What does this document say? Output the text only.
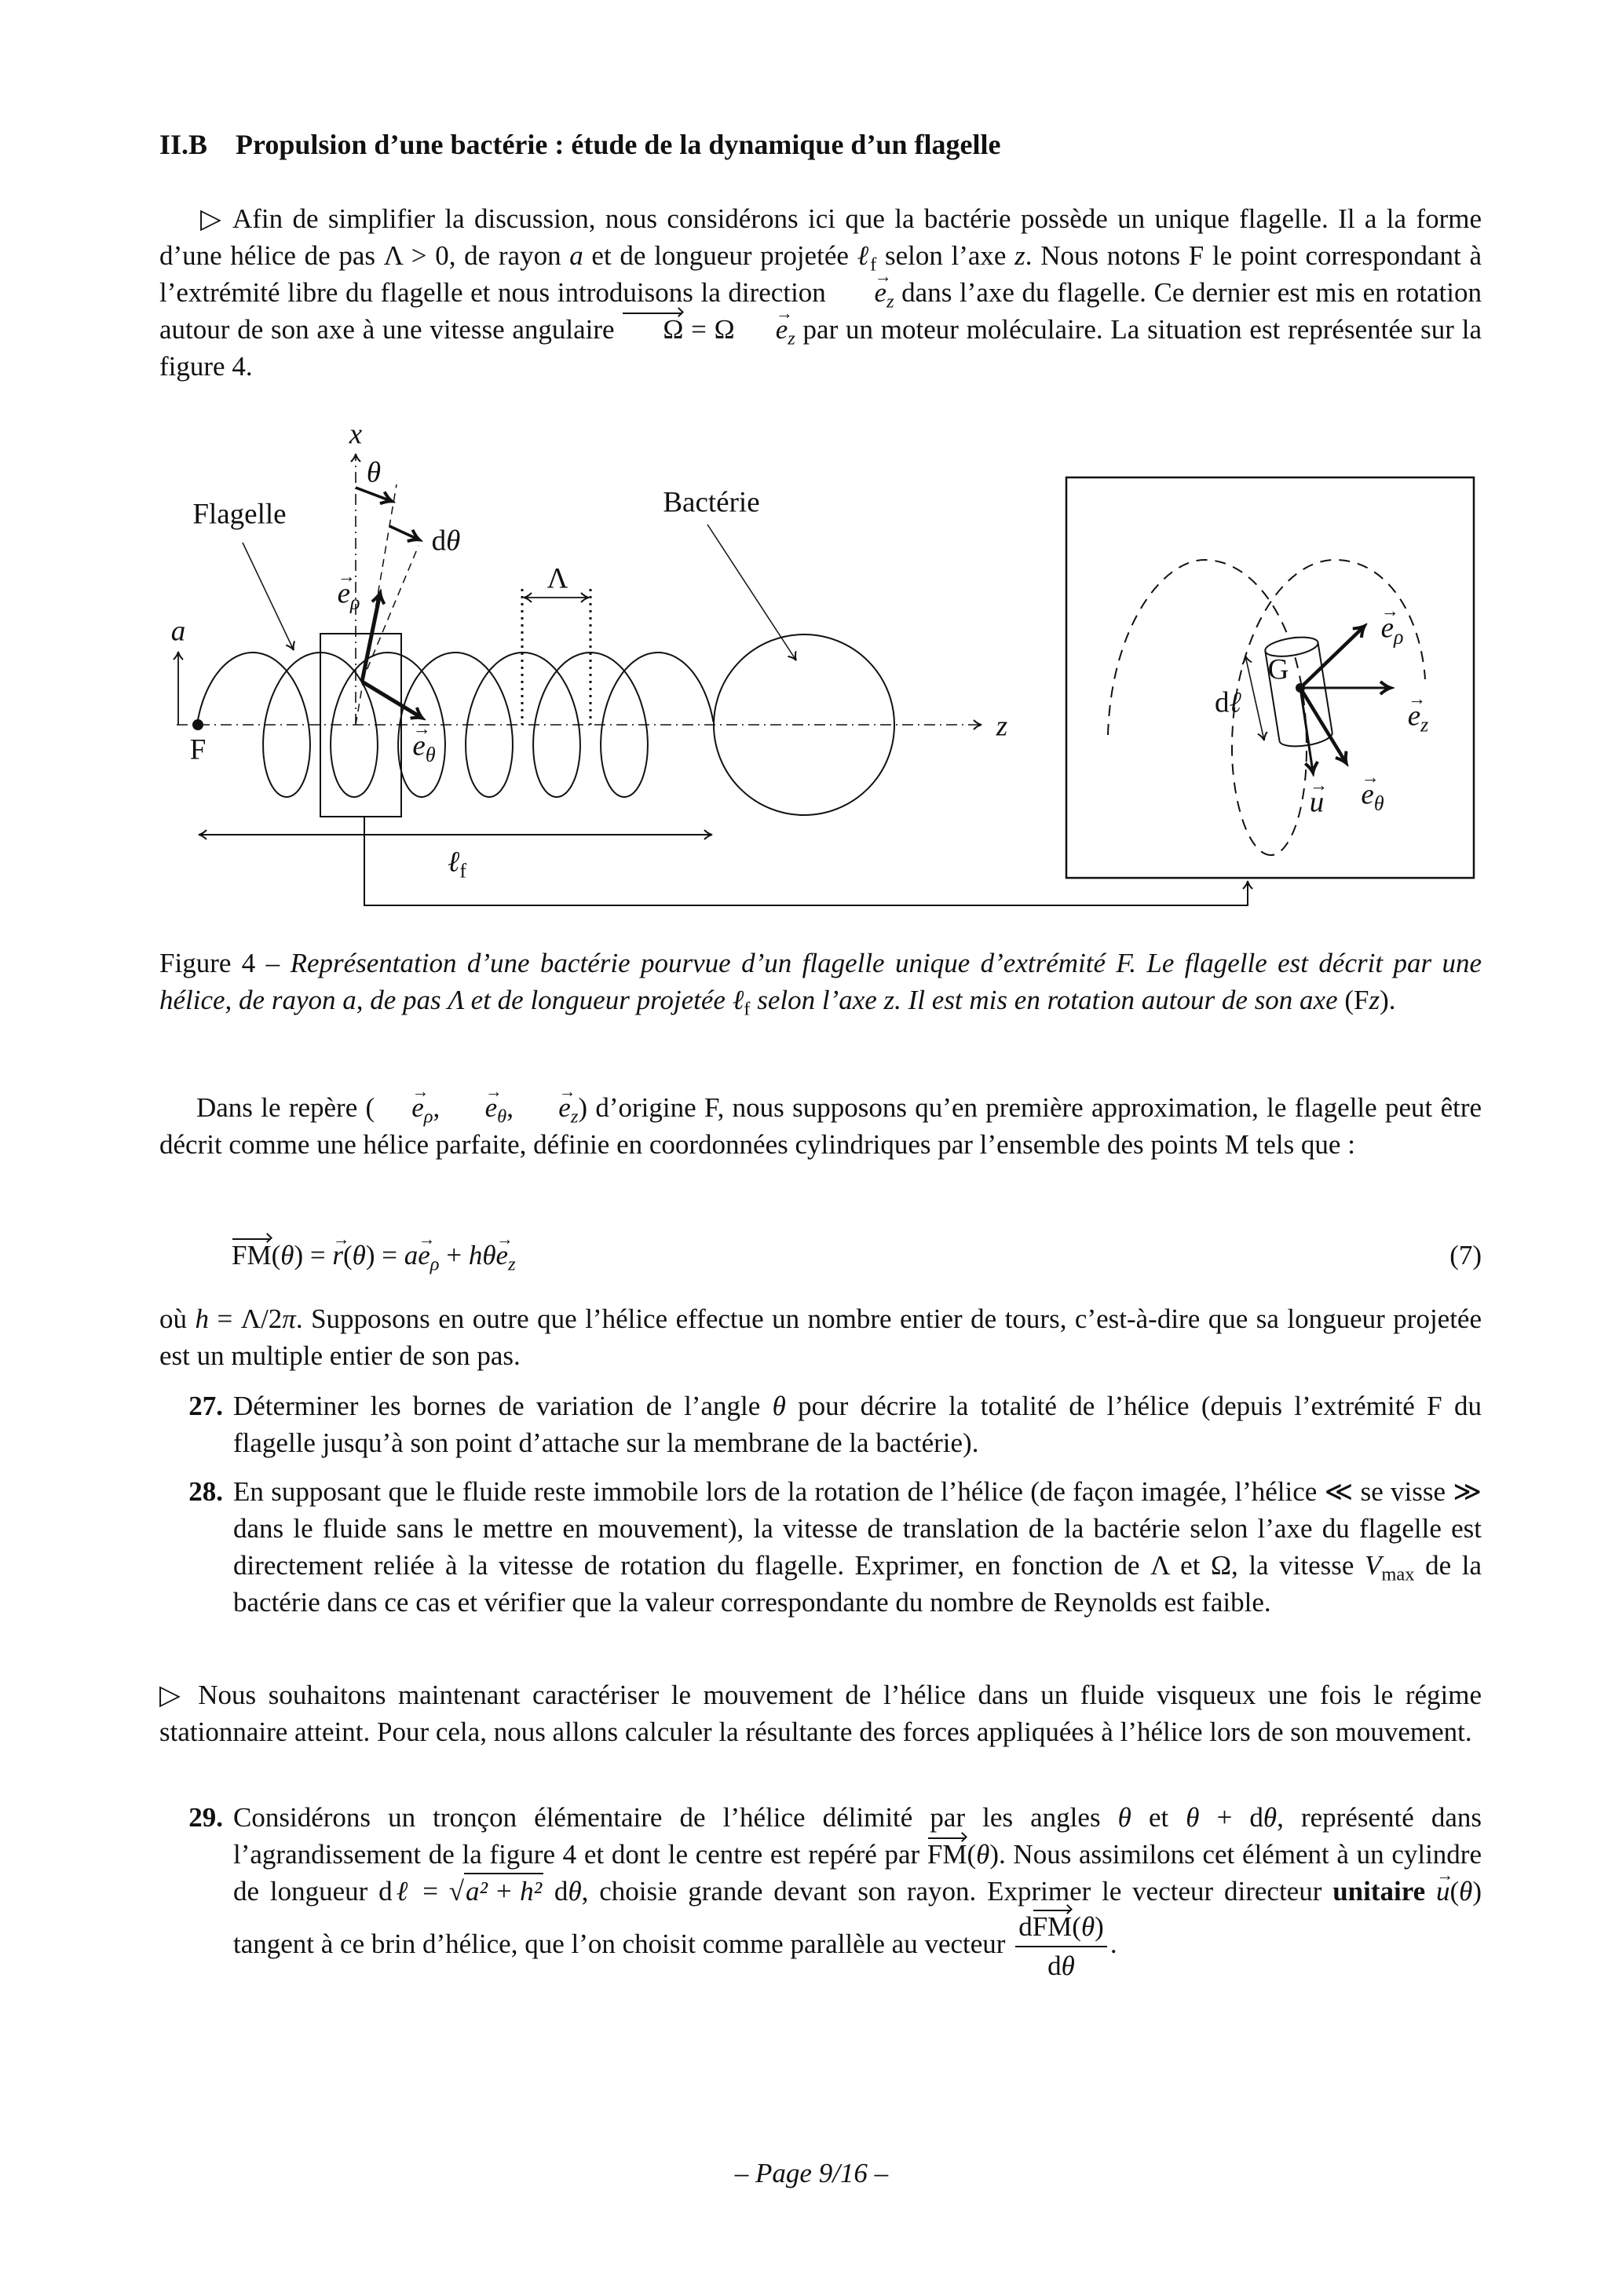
II.B Propulsion d’une bactérie : étude de la dynamique d’un flagelle
▷ Afin de simplifier la discussion, nous considérons ici que la bactérie possède un unique flagelle. Il a la forme d’une hélice de pas Λ > 0, de rayon a et de longueur projetée ℓ$_f$ selon l’axe z. Nous notons F le point correspondant à l’extrémité libre du flagelle et nous introduisons la direction → $e_z$ dans l’axe du flagelle. Ce dernier est mis en rotation autour de son axe à une vitesse angulaire $\Omega = \Omega \to e_z$ par un moteur moléculaire. La situation est représentée sur la figure 4.
x
θ
dθ
Flagelle	Bactérie
Λ
a
F
z
ℓ$_f$
→ $e_\rho$
→ $e_\theta$
G
dℓ
→ $e_\rho$
→ $e_z$
→ $e_\theta$
→ u
Figure 4 – Représentation d’une bactérie pourvue d’un flagelle unique d’extrémité F. Le flagelle est décrit par une hélice, de rayon a, de pas Λ et de longueur projetée ℓ$_f$ selon l’axe z. Il est mis en rotation autour de son axe (Fz).
Dans le repère ( → $e_\rho$, → $e_\theta$, → $e_z$) d’origine F, nous supposons qu’en première approximation, le flagelle peut être décrit comme une hélice parfaite, définie en coordonnées cylindriques par l’ensemble des points M tels que :
FM(θ) = → $r(\theta) = a\to e_\rho + h\theta\to e_z$	(7)
où h = Λ/2π. Supposons en outre que l’hélice effectue un nombre entier de tours, c’est-à-dire que sa longueur projetée est un multiple entier de son pas.
27. Déterminer les bornes de variation de l’angle θ pour décrire la totalité de l’hélice (depuis l’extrémité F du flagelle jusqu’à son point d’attache sur la membrane de la bactérie).
28. En supposant que le fluide reste immobile lors de la rotation de l’hélice (de façon imagée, l’hélice ≪ se visse ≫ dans le fluide sans le mettre en mouvement), la vitesse de translation de la bactérie selon l’axe du flagelle est directement reliée à la vitesse de rotation du flagelle. Exprimer, en fonction de Λ et Ω, la vitesse $V_{max}$ de la bactérie dans ce cas et vérifier que la valeur correspondante du nombre de Reynolds est faible.
▷ Nous souhaitons maintenant caractériser le mouvement de l’hélice dans un fluide visqueux une fois le régime stationnaire atteint. Pour cela, nous allons calculer la résultante des forces appliquées à l’hélice lors de son mouvement.
29. Considérons un tronçon élémentaire de l’hélice délimité par les angles θ et θ + dθ, représenté dans l’agrandissement de la figure 4 et dont le centre est repéré par FM(θ). Nous assimilons cet élément à un cylindre de longueur dℓ = √a² + h² dθ, choisie grande devant son rayon. Exprimer le vecteur directeur unitaire → u(θ) tangent à ce brin d’hélice, que l’on choisit comme parallèle au vecteur $\frac{\text{dFM(θ)}}{d\theta}$ .
– Page 9/16 –
